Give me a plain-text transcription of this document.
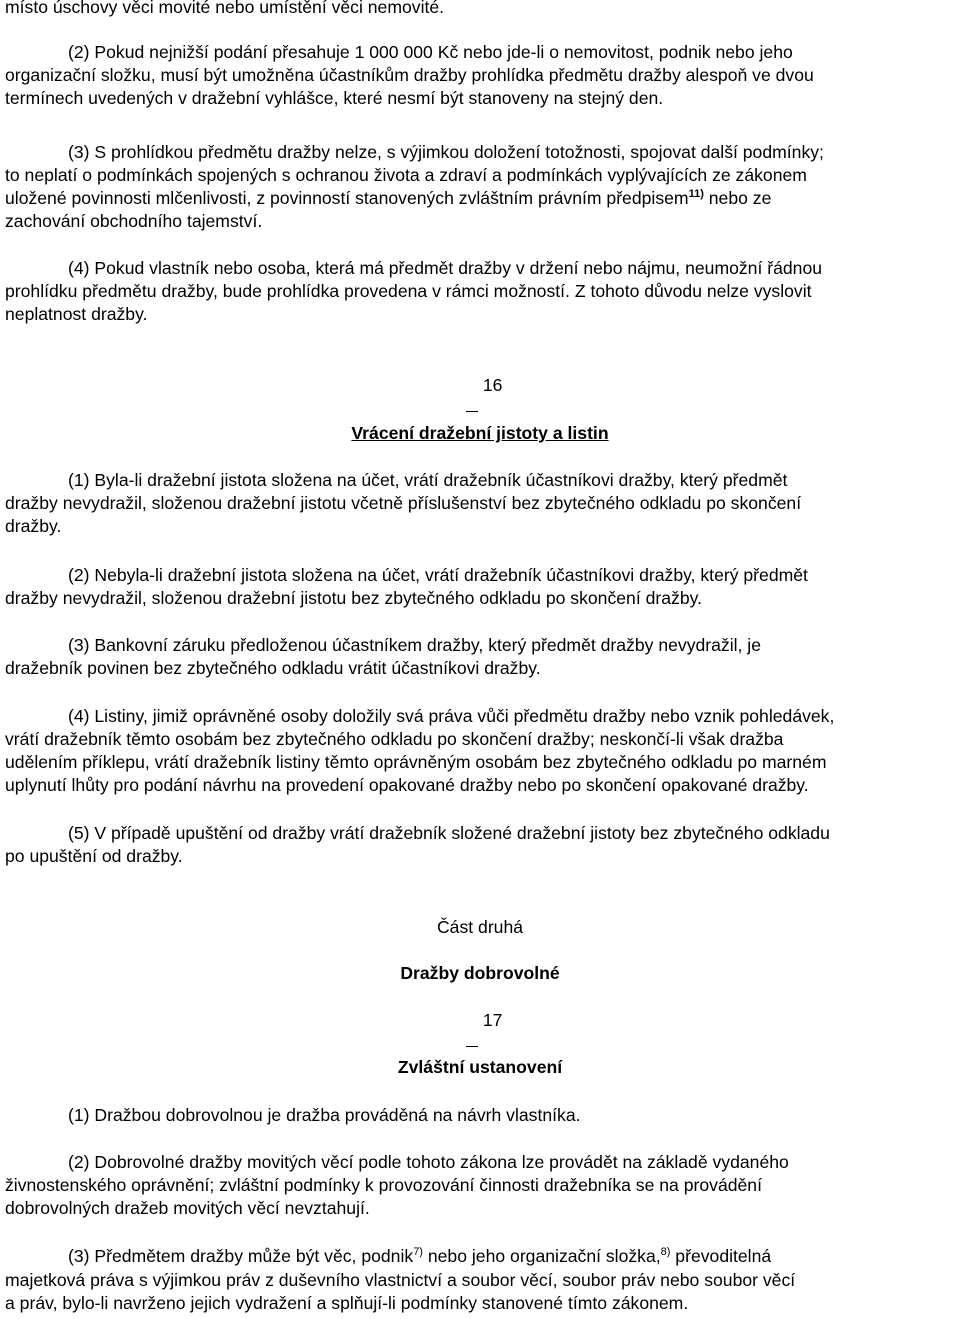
místo úschovy věci movité nebo umístění věci nemovité.
(2) Pokud nejnižší podání přesahuje 1 000 000 Kč nebo jde-li o nemovitost, podnik nebo jeho
organizační složku, musí být umožněna účastníkům dražby prohlídka předmětu dražby alespoň ve dvou
termínech uvedených v dražební vyhlášce, které nesmí být stanoveny na stejný den.
(3) S prohlídkou předmětu dražby nelze, s výjimkou doložení totožnosti, spojovat další podmínky;
to neplatí o podmínkách spojených s ochranou života a zdraví a podmínkách vyplývajících ze zákonem
uložené povinnosti mlčenlivosti, z povinností stanovených zvláštním právním předpisem$^{11)}$ nebo ze
zachování obchodního tajemství.
(4) Pokud vlastník nebo osoba, která má předmět dražby v držení nebo nájmu, neumožní řádnou
prohlídku předmětu dražby, bude prohlídka provedena v rámci možností. Z tohoto důvodu nelze vyslovit
neplatnost dražby.
16
Vrácení dražební jistoty a listin
(1) Byla-li dražební jistota složena na účet, vrátí dražebník účastníkovi dražby, který předmět
dražby nevydražil, složenou dražební jistotu včetně příslušenství bez zbytečného odkladu po skončení
dražby.
(2) Nebyla-li dražební jistota složena na účet, vrátí dražebník účastníkovi dražby, který předmět
dražby nevydražil, složenou dražební jistotu bez zbytečného odkladu po skončení dražby.
(3) Bankovní záruku předloženou účastníkem dražby, který předmět dražby nevydražil, je
dražebník povinen bez zbytečného odkladu vrátit účastníkovi dražby.
(4) Listiny, jimiž oprávněné osoby doložily svá práva vůči předmětu dražby nebo vznik pohledávek,
vrátí dražebník těmto osobám bez zbytečného odkladu po skončení dražby; neskončí-li však dražba
udělením příklepu, vrátí dražebník listiny těmto oprávněným osobám bez zbytečného odkladu po marném
uplynutí lhůty pro podání návrhu na provedení opakované dražby nebo po skončení opakované dražby.
(5) V případě upuštění od dražby vrátí dražebník složené dražební jistoty bez zbytečného odkladu
po upuštění od dražby.
Část druhá
Dražby dobrovolné
17
Zvláštní ustanovení
(1) Dražbou dobrovolnou je dražba prováděná na návrh vlastníka.
(2) Dobrovolné dražby movitých věcí podle tohoto zákona lze provádět na základě vydaného
živnostenského oprávnění; zvláštní podmínky k provozování činnosti dražebníka se na provádění
dobrovolných dražeb movitých věcí nevztahují.
(3) Předmětem dražby může být věc, podnik$^{7)}$ nebo jeho organizační složka,$^{8)}$ převoditelná
majetková práva s výjimkou práv z duševního vlastnictví a soubor věcí, soubor práv nebo soubor věcí
a práv, bylo-li navrženo jejich vydražení a splňují-li podmínky stanovené tímto zákonem.
